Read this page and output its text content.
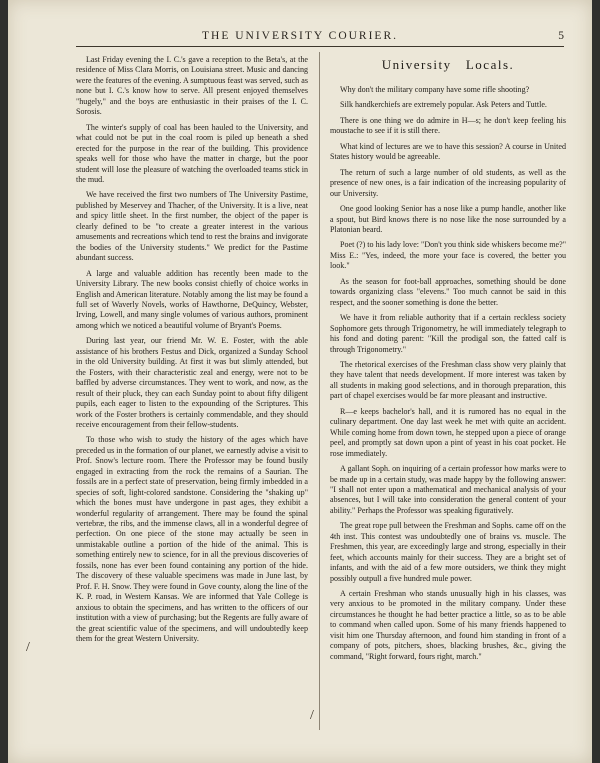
THE UNIVERSITY COURIER.	5

Last Friday evening the I. C.'s gave a reception to the Beta's, at the residence of Miss Clara Morris, on Louisiana street. Music and dancing were the features of the evening. A sumptuous feast was served, such as none but I. C.'s know how to serve. All present enjoyed themselves "hugely," and the boys are enthusiastic in their praises of the I. C. Sorosis.

The winter's supply of coal has been hauled to the University, and what could not be put in the coal room is piled up beneath a shed erected for the purpose in the rear of the building. This providence speaks well for those who have the matter in charge, but the poor student will lose the pleasure of watching the overloaded teams stick in the mud.

We have received the first two numbers of The University Pastime, published by Meservey and Thacher, of the University. It is a live, neat and spicy little sheet. In the first number, the object of the paper is clearly defined to be "to create a greater interest in the various amusements and recreations which tend to rest the brains and invigorate the bodies of the University students." We predict for the Pastime abundant success.

A large and valuable addition has recently been made to the University Library. The new books consist chiefly of choice works in English and American literature. Notably among the list may be found a full set of Waverly Novels, works of Hawthorne, DeQuincy, Webster, Irving, Lowell, and many single volumes of various authors, prominent among which we noticed a beautiful volume of Bryant's Poems.

During last year, our friend Mr. W. E. Foster, with the able assistance of his brothers Festus and Dick, organized a Sunday School in the old University building. At first it was but slimly attended, but the Fosters, with their characteristic zeal and energy, were not to be baffled by adverse circumstances. They went to work, and now, as the result of their pluck, they can each Sunday point to about fifty diligent pupils, each eager to listen to the expounding of the Scriptures. This work of the Foster brothers is certainly commendable, and they should receive encouragement from their fellow-students.

To those who wish to study the history of the ages which have preceded us in the formation of our planet, we earnestly advise a visit to Prof. Snow's lecture room. There the Professor may be found busily engaged in extracting from the rock the remains of a Saurian. The fossils are in a perfect state of preservation, being firmly imbedded in a species of soft, light-colored sandstone. Considering the "shaking up" which the bones must have undergone in past ages, they exhibit a wonderful regularity of arrangement. There may be found the spinal vertebræ, the ribs, and the immense claws, all in a wonderful degree of perfection. On one piece of the stone may actually be seen in unmistakable outline a portion of the hide of the animal. This is something entirely new to science, for in all the previous discoveries of fossils, none has ever been found containing any portion of the hide. The discovery of these valuable specimens was made in June last, by Prof. F. H. Snow. They were found in Gove county, along the line of the K. P. road, in Western Kansas. We are informed that Yale College is anxious to obtain the specimens, and has written to the officers of our institution with a view of purchasing; but the Regents are fully aware of the great scientific value of the specimens, and will undoubtedly keep them for the great Western University.

University Locals.

Why don't the military company have some rifle shooting?

Silk handkerchiefs are extremely popular. Ask Peters and Tuttle.

There is one thing we do admire in H—s; he don't keep feeling his moustache to see if it is still there.

What kind of lectures are we to have this session? A course in United States history would be agreeable.

The return of such a large number of old students, as well as the presence of new ones, is a fair indication of the increasing popularity of our University.

One good looking Senior has a nose like a pump handle, another like a spout, but Bird knows there is no nose like the nose surrounded by a Platonian beard.

Poet (?) to his lady love: "Don't you think side whiskers become me?" Miss E.: "Yes, indeed, the more your face is covered, the better you look."

As the season for foot-ball approaches, something should be done towards organizing class "elevens." Too much cannot be said in this respect, and the sooner something is done the better.

We have it from reliable authority that if a certain reckless society Sophomore gets through Trigonometry, he will immediately telegraph to his fond and doting parent: "Kill the prodigal son, the fatted calf is through Trigonometry."

The rhetorical exercises of the Freshman class show very plainly that they have talent that needs development. If more interest was taken by all students in making good selections, and in thorough preparation, this part of chapel exercises would be far more pleasant and instructive.

R—e keeps bachelor's hall, and it is rumored has no equal in the culinary department. One day last week he met with quite an accident. While coming home from down town, he stepped upon a piece of orange peel, and promptly sat down upon a pint of yeast in his coat pocket. He rose immediately.

A gallant Soph. on inquiring of a certain professor how marks were to be made up in a certain study, was made happy by the following answer: "I shall not enter upon a mathematical and mechanical analysis of your absences, but I will take into consideration the general content of your ability." Perhaps the Professor was speaking figuratively.

The great rope pull between the Freshman and Sophs. came off on the 4th inst. This contest was undoubtedly one of brains vs. muscle. The Freshmen, this year, are exceedingly large and strong, especially in their feet, which accounts mainly for their success. They are a bright set of infants, and with the aid of a few more outsiders, we think they might possibly outpull a five hundred mule power.

A certain Freshman who stands unusually high in his classes, was very anxious to be promoted in the military company. Under these circumstances he thought he had better practice a little, so as to be able to command when called upon. Some of his many friends happened to visit him one Thursday afternoon, and found him standing in front of a company of pots, pitchers, shoes, blacking brushes, &c., giving the command, "Right forward, fours right, march."

/
/
